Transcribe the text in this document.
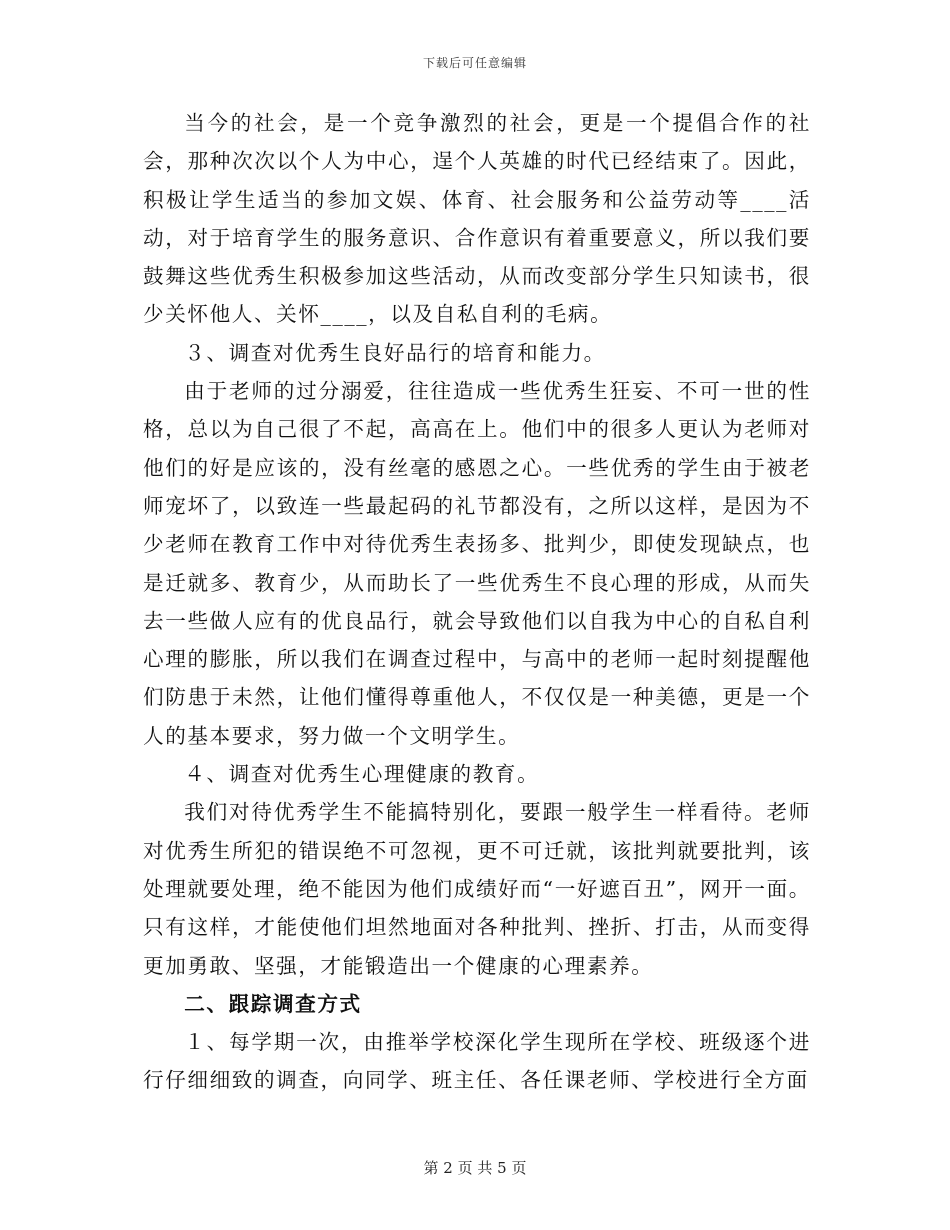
下载后可任意编辑

当今的社会，是一个竞争激烈的社会，更是一个提倡合作的社会，那种次次以个人为中心，逞个人英雄的时代已经结束了。因此，积极让学生适当的参加文娱、体育、社会服务和公益劳动等____活动，对于培育学生的服务意识、合作意识有着重要意义，所以我们要鼓舞这些优秀生积极参加这些活动，从而改变部分学生只知读书，很少关怀他人、关怀____，以及自私自利的毛病。

３、调查对优秀生良好品行的培育和能力。

由于老师的过分溺爱，往往造成一些优秀生狂妄、不可一世的性格，总以为自己很了不起，高高在上。他们中的很多人更认为老师对他们的好是应该的，没有丝毫的感恩之心。一些优秀的学生由于被老师宠坏了，以致连一些最起码的礼节都没有，之所以这样，是因为不少老师在教育工作中对待优秀生表扬多、批判少，即使发现缺点，也是迁就多、教育少，从而助长了一些优秀生不良心理的形成，从而失去一些做人应有的优良品行，就会导致他们以自我为中心的自私自利心理的膨胀，所以我们在调查过程中，与高中的老师一起时刻提醒他们防患于未然，让他们懂得尊重他人，不仅仅是一种美德，更是一个人的基本要求，努力做一个文明学生。

４、调查对优秀生心理健康的教育。

我们对待优秀学生不能搞特别化，要跟一般学生一样看待。老师对优秀生所犯的错误绝不可忽视，更不可迁就，该批判就要批判，该处理就要处理，绝不能因为他们成绩好而“一好遮百丑”，网开一面。只有这样，才能使他们坦然地面对各种批判、挫折、打击，从而变得更加勇敢、坚强，才能锻造出一个健康的心理素养。

二、跟踪调查方式

１、每学期一次，由推举学校深化学生现所在学校、班级逐个进行仔细细致的调查，向同学、班主任、各任课老师、学校进行全方面

第 2 页 共 5 页
